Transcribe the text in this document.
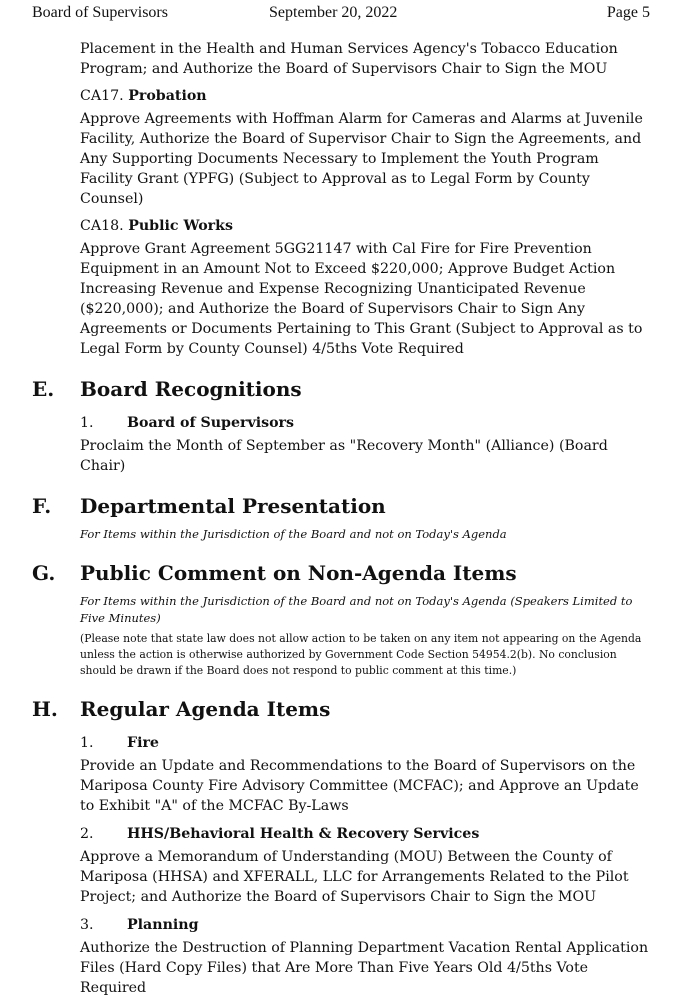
Board of Supervisors	September 20, 2022	Page 5

Placement in the Health and Human Services Agency's Tobacco Education Program; and Authorize the Board of Supervisors Chair to Sign the MOU

CA17. Probation

Approve Agreements with Hoffman Alarm for Cameras and Alarms at Juvenile Facility, Authorize the Board of Supervisor Chair to Sign the Agreements, and Any Supporting Documents Necessary to Implement the Youth Program Facility Grant (YPFG) (Subject to Approval as to Legal Form by County Counsel)

CA18. Public Works

Approve Grant Agreement 5GG21147 with Cal Fire for Fire Prevention Equipment in an Amount Not to Exceed $220,000; Approve Budget Action Increasing Revenue and Expense Recognizing Unanticipated Revenue ($220,000); and Authorize the Board of Supervisors Chair to Sign Any Agreements or Documents Pertaining to This Grant (Subject to Approval as to Legal Form by County Counsel) 4/5ths Vote Required

E. Board Recognitions
1. Board of Supervisors

Proclaim the Month of September as "Recovery Month" (Alliance) (Board Chair)

F. Departmental Presentation

For Items within the Jurisdiction of the Board and not on Today's Agenda

G. Public Comment on Non-Agenda Items

For Items within the Jurisdiction of the Board and not on Today's Agenda (Speakers Limited to Five Minutes)

(Please note that state law does not allow action to be taken on any item not appearing on the Agenda unless the action is otherwise authorized by Government Code Section 54954.2(b). No conclusion should be drawn if the Board does not respond to public comment at this time.)

H. Regular Agenda Items
1. Fire

Provide an Update and Recommendations to the Board of Supervisors on the Mariposa County Fire Advisory Committee (MCFAC); and Approve an Update to Exhibit "A" of the MCFAC By-Laws

2. HHS/Behavioral Health & Recovery Services

Approve a Memorandum of Understanding (MOU) Between the County of Mariposa (HHSA) and XFERALL, LLC for Arrangements Related to the Pilot Project; and Authorize the Board of Supervisors Chair to Sign the MOU

3. Planning

Authorize the Destruction of Planning Department Vacation Rental Application Files (Hard Copy Files) that Are More Than Five Years Old 4/5ths Vote Required
